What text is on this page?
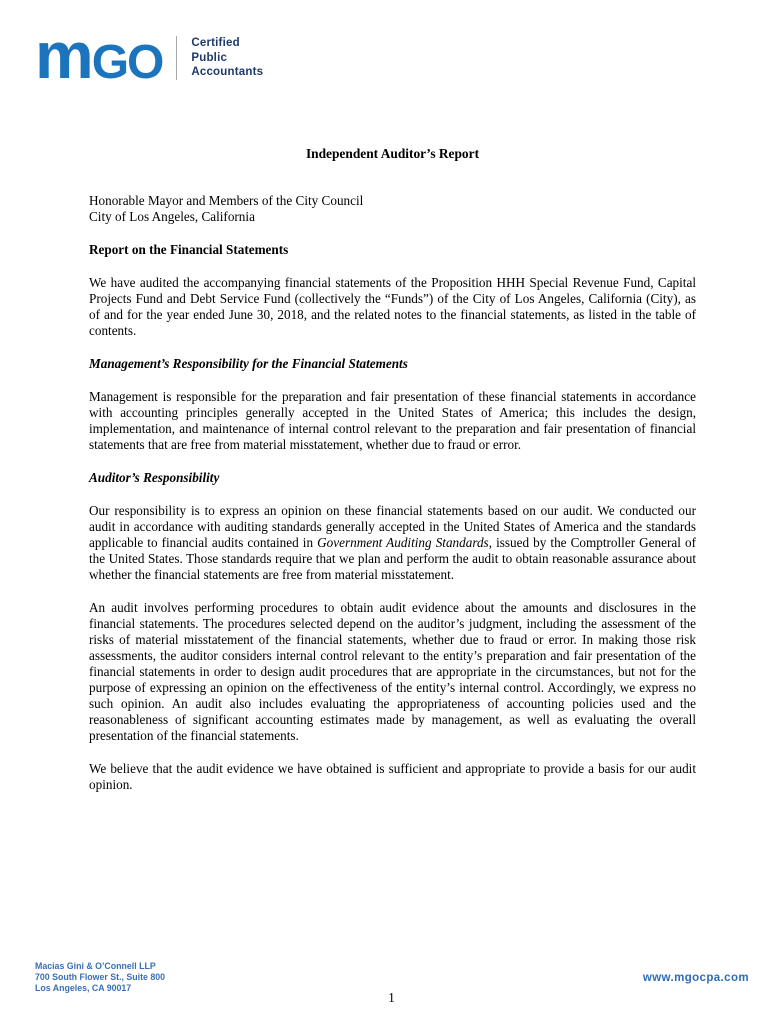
mGO	Certified
Public
Accountants
Independent Auditor’s Report
Honorable Mayor and Members of the City Council
City of Los Angeles, California
Report on the Financial Statements

We have audited the accompanying financial statements of the Proposition HHH Special Revenue Fund, Capital Projects Fund and Debt Service Fund (collectively the “Funds”) of the City of Los Angeles, California (City), as of and for the year ended June 30, 2018, and the related notes to the financial statements, as listed in the table of contents.

Management’s Responsibility for the Financial Statements

Management is responsible for the preparation and fair presentation of these financial statements in accordance with accounting principles generally accepted in the United States of America; this includes the design, implementation, and maintenance of internal control relevant to the preparation and fair presentation of financial statements that are free from material misstatement, whether due to fraud or error.

Auditor’s Responsibility

Our responsibility is to express an opinion on these financial statements based on our audit. We conducted our audit in accordance with auditing standards generally accepted in the United States of America and the standards applicable to financial audits contained in Government Auditing Standards, issued by the Comptroller General of the United States. Those standards require that we plan and perform the audit to obtain reasonable assurance about whether the financial statements are free from material misstatement.

An audit involves performing procedures to obtain audit evidence about the amounts and disclosures in the financial statements. The procedures selected depend on the auditor’s judgment, including the assessment of the risks of material misstatement of the financial statements, whether due to fraud or error. In making those risk assessments, the auditor considers internal control relevant to the entity’s preparation and fair presentation of the financial statements in order to design audit procedures that are appropriate in the circumstances, but not for the purpose of expressing an opinion on the effectiveness of the entity’s internal control. Accordingly, we express no such opinion. An audit also includes evaluating the appropriateness of accounting policies used and the reasonableness of significant accounting estimates made by management, as well as evaluating the overall presentation of the financial statements.

We believe that the audit evidence we have obtained is sufficient and appropriate to provide a basis for our audit opinion.

Macias Gini & O’Connell LLP
700 South Flower St., Suite 800
Los Angeles, CA 90017
www.mgocpa.com
1
